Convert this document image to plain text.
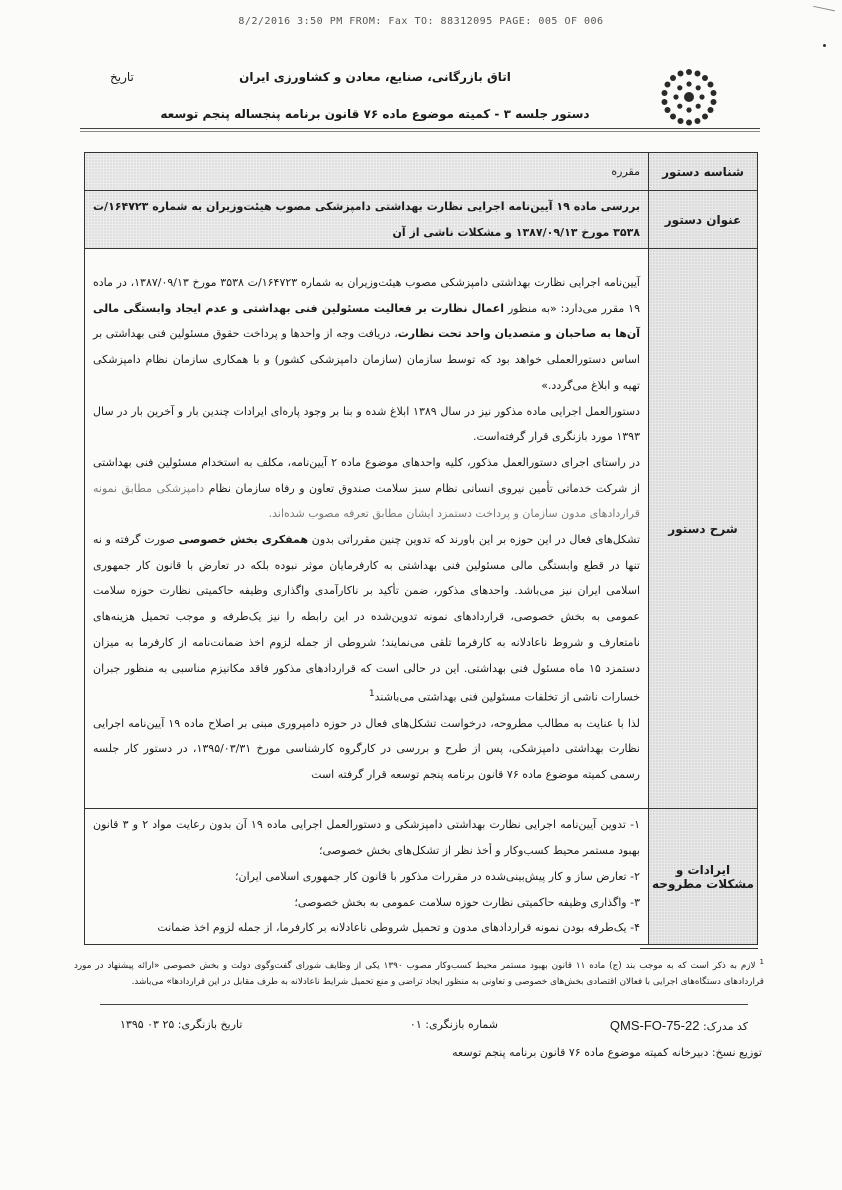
8/2/2016 3:50 PM FROM: Fax TO: 88312095 PAGE: 005 OF 006
اتاق بازرگانی، صنایع، معادن و کشاورزی ایران
تاریخ
دستور جلسه ۳ - کمیته موضوع ماده ۷۶ قانون برنامه پنجساله پنجم توسعه
شناسه دستور	مقرره
عنوان دستور	بررسی ماده ۱۹ آیین‌نامه اجرایی نظارت بهداشتی دامپزشکی مصوب هیئت‌وزیران به شماره ۱۶۴۷۲۳/ت ۳۵۳۸ مورخ ۱۳۸۷/۰۹/۱۳ و مشکلات ناشی از آن
شرح دستور	آیین‌نامه اجرایی نظارت بهداشتی دامپزشکی مصوب هیئت‌وزیران به شماره ۱۶۴۷۲۳/ت ۳۵۳۸ مورخ ۱۳۸۷/۰۹/۱۳، در ماده ۱۹ مقرر می‌دارد: «به منظور اعمال نظارت بر فعالیت مسئولین فنی بهداشتی و عدم ایجاد وابستگی مالی آن‌ها به صاحبان و متصدیان واحد تحت نظارت، دریافت وجه از واحدها و پرداخت حقوق مسئولین فنی بهداشتی بر اساس دستورالعملی خواهد بود که توسط سازمان (سازمان دامپزشکی کشور) و با همکاری سازمان نظام دامپزشکی تهیه و ابلاغ می‌گردد.»

دستورالعمل اجرایی ماده مذکور نیز در سال ۱۳۸۹ ابلاغ شده و بنا بر وجود پاره‌ای ایرادات چندین بار و آخرین بار در سال ۱۳۹۳ مورد بازنگری قرار گرفته‌است.

در راستای اجرای دستورالعمل مذکور، کلیه واحدهای موضوع ماده ۲ آیین‌نامه، مکلف به استخدام مسئولین فنی بهداشتی از شرکت خدماتی تأمین نیروی انسانی نظام سبز سلامت صندوق تعاون و رفاه سازمان نظام دامپزشکی مطابق نمونه قراردادهای مدون سازمان و پرداخت دستمزد ایشان مطابق تعرفه مصوب شده‌اند.

تشکل‌های فعال در این حوزه بر این باورند که تدوین چنین مقرراتی بدون همفکری بخش خصوصی صورت گرفته و نه تنها در قطع وابستگی مالی مسئولین فنی بهداشتی به کارفرمایان موثر نبوده بلکه در تعارض با قانون کار جمهوری اسلامی ایران نیز می‌باشد. واحدهای مذکور، ضمن تأکید بر ناکارآمدی واگذاری وظیفه حاکمیتی نظارت حوزه سلامت عمومی به بخش خصوصی، قراردادهای نمونه تدوین‌شده در این رابطه را نیز یک‌طرفه و موجب تحمیل هزینه‌های نامتعارف و شروط ناعادلانه به کارفرما تلقی می‌نمایند؛ شروطی از جمله لزوم اخذ ضمانت‌نامه از کارفرما به میزان دستمزد ۱۵ ماه مسئول فنی بهداشتی. این در حالی است که قراردادهای مذکور فاقد مکانیزم مناسبی به منظور جبران خسارات ناشی از تخلفات مسئولین فنی بهداشتی می‌باشند$^1$

لذا با عنایت به مطالب مطروحه، درخواست تشکل‌های فعال در حوزه دامپروری مبنی بر اصلاح ماده ۱۹ آیین‌نامه اجرایی نظارت بهداشتی دامپزشکی، پس از طرح و بررسی در کارگروه کارشناسی مورخ ۱۳۹۵/۰۳/۳۱، در دستور کار جلسه رسمی کمیته موضوع ماده ۷۶ قانون برنامه پنجم توسعه قرار گرفته است

ایرادات و مشکلات مطروحه	۱- تدوین آیین‌نامه اجرایی نظارت بهداشتی دامپزشکی و دستورالعمل اجرایی ماده ۱۹ آن بدون رعایت مواد ۲ و ۳ قانون بهبود مستمر محیط کسب‌وکار و أخذ نظر از تشکل‌های بخش خصوصی؛
۲- تعارض ساز و کار پیش‌بینی‌شده در مقررات مذکور با قانون کار جمهوری اسلامی ایران؛
۳- واگذاری وظیفه حاکمیتی نظارت حوزه سلامت عمومی به بخش خصوصی؛
۴- یک‌طرفه بودن نمونه قراردادهای مدون و تحمیل شروطی ناعادلانه بر کارفرما، از جمله لزوم اخذ ضمانت
$^1$ لازم به ذکر است که به موجب بند (ج) ماده ۱۱ قانون بهبود مستمر محیط کسب‌وکار مصوب ۱۳۹۰ یکی از وظایف شورای گفت‌وگوی دولت و بخش خصوصی «ارائه پیشنهاد در مورد قراردادهای دستگاه‌های اجرایی با فعالان اقتصادی بخش‌های خصوصی و تعاونی به منظور ایجاد تراضی و منع تحمیل شرایط ناعادلانه به طرف مقابل در این قراردادها» می‌باشد.
کد مدرک: QMS-FO-75-22
شماره بازنگری: ۰۱
تاریخ بازنگری: ۲۵ ۰۳ ۱۳۹۵
توزیع نسخ: دبیرخانه کمیته موضوع ماده ۷۶ قانون برنامه پنجم توسعه
